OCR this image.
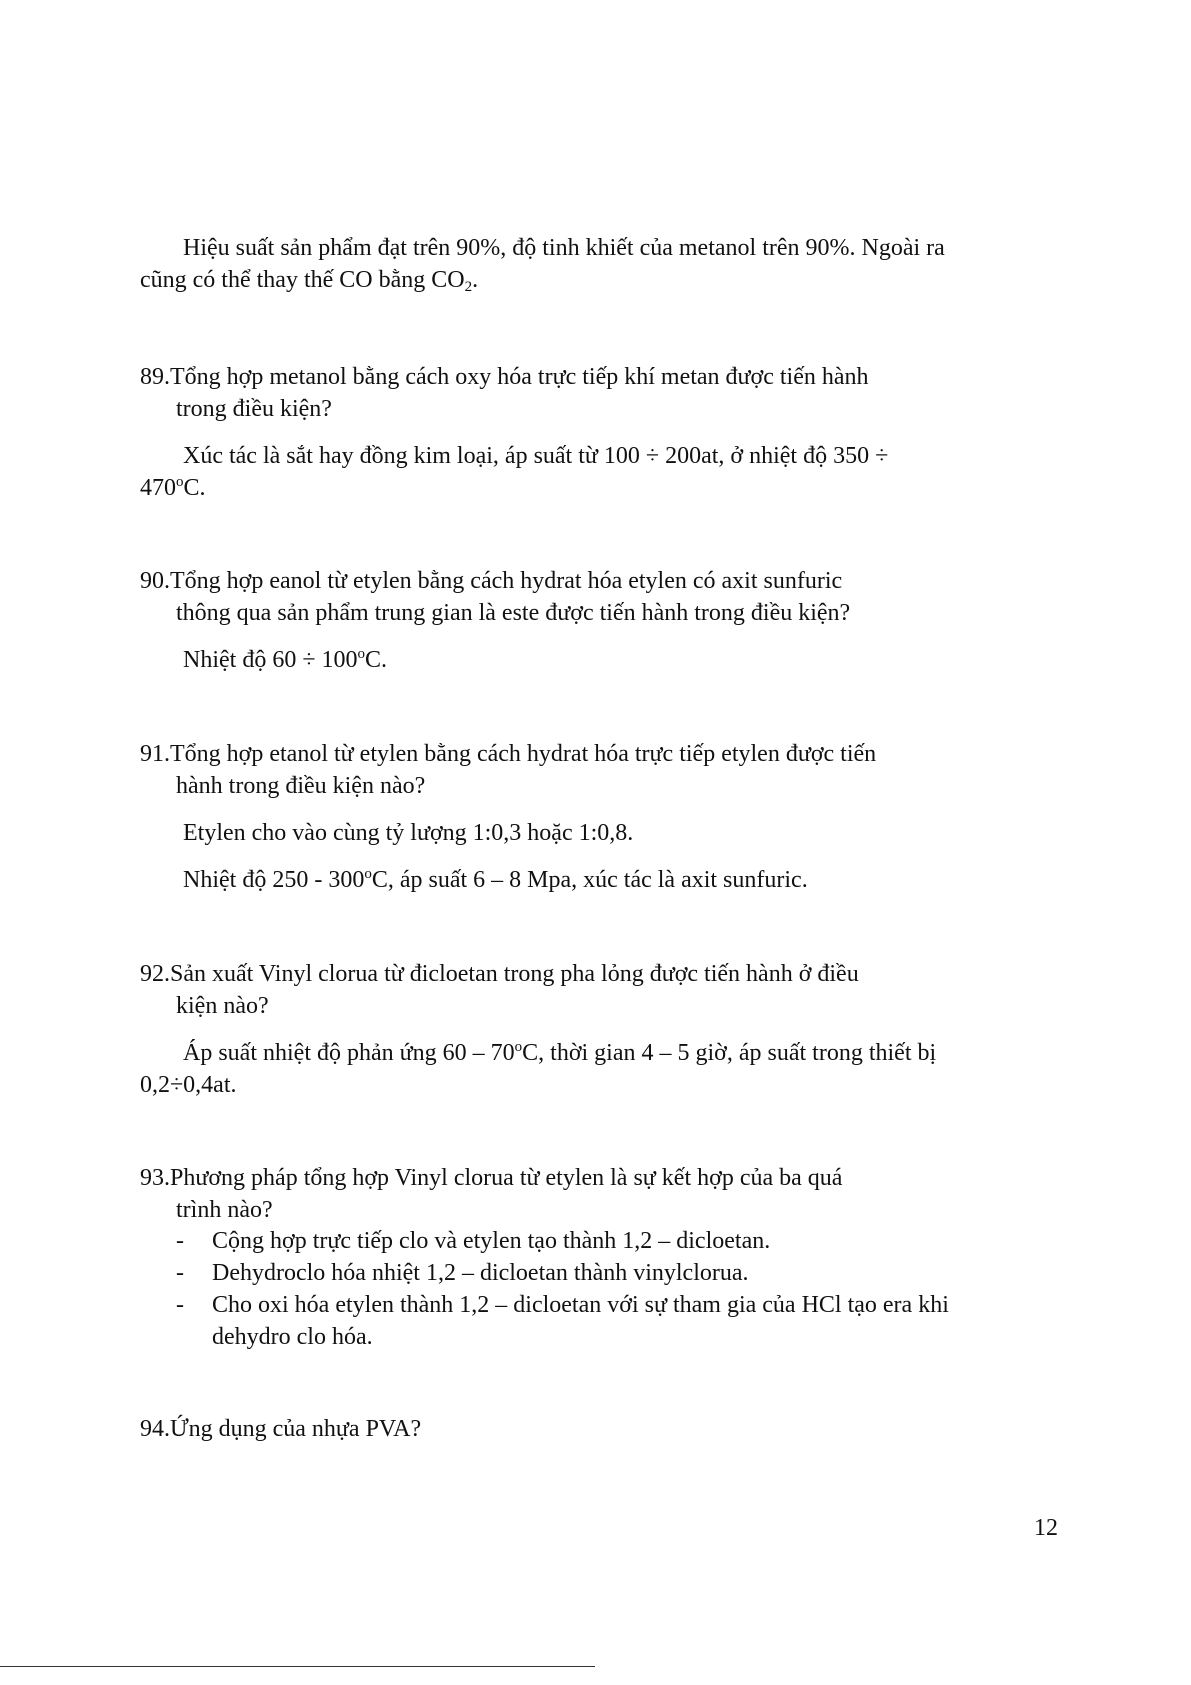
Hiệu suất sản phẩm đạt trên 90%, độ tinh khiết của metanol trên 90%. Ngoài ra
cũng có thể thay thế CO bằng CO2.
89.Tổng hợp metanol bằng cách oxy hóa trực tiếp khí metan được tiến hành
trong điều kiện?
Xúc tác là sắt hay đồng kim loại, áp suất từ 100 ÷ 200at, ở nhiệt độ 350 ÷
$470^oC$.
90.Tổng hợp eanol từ etylen bằng cách hydrat hóa etylen có axit sunfuric
thông qua sản phẩm trung gian là este được tiến hành trong điều kiện?
Nhiệt độ $60 \div 100^oC$.
91.Tổng hợp etanol từ etylen bằng cách hydrat hóa trực tiếp etylen được tiến
hành trong điều kiện nào?
Etylen cho vào cùng tỷ lượng 1:0,3 hoặc 1:0,8.
Nhiệt độ 250 - 300$^o$C, áp suất 6 – 8 Mpa, xúc tác là axit sunfuric.
92.Sản xuất Vinyl clorua từ đicloetan trong pha lỏng được tiến hành ở điều
kiện nào?
Áp suất nhiệt độ phản ứng 60 – 70$^o$C, thời gian 4 – 5 giờ, áp suất trong thiết bị
0,2÷0,4at.
93.Phương pháp tổng hợp Vinyl clorua từ etylen là sự kết hợp của ba quá
trình nào?
- Cộng hợp trực tiếp clo và etylen tạo thành 1,2 – dicloetan.
- Dehydroclo hóa nhiệt 1,2 – dicloetan thành vinylclorua.
- Cho oxi hóa etylen thành 1,2 – dicloetan với sự tham gia của HCl tạo era khi
dehydro clo hóa.
94.Ứng dụng của nhựa PVA?
12
